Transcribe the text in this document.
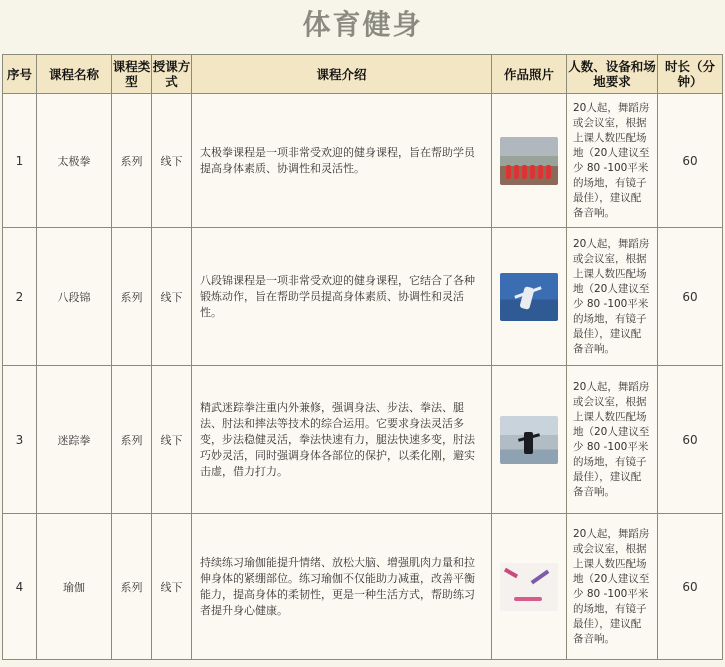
体育健身
序号	课程名称	课程类型	授课方式	课程介绍	作品照片	人数、设备和场地要求	时长（分钟）
1	太极拳	系列	线下	太极拳课程是一项非常受欢迎的健身课程，旨在帮助学员提高身体素质、协调性和灵活性。		20人起，舞蹈房或会议室，根据上课人数匹配场地（20人建议至少 80 -100平米的场地，有镜子最佳），建议配备音响。	60
2	八段锦	系列	线下	八段锦课程是一项非常受欢迎的健身课程，它结合了各种锻炼动作，旨在帮助学员提高身体素质、协调性和灵活性。		20人起，舞蹈房或会议室，根据上课人数匹配场地（20人建议至少 80 -100平米的场地，有镜子最佳），建议配备音响。	60
3	迷踪拳	系列	线下	精武迷踪拳注重内外兼修，强调身法、步法、拳法、腿法、肘法和摔法等技术的综合运用。它要求身法灵活多变，步法稳健灵活，拳法快速有力，腿法快速多变，肘法巧妙灵活，同时强调身体各部位的保护，以柔化刚，避实击虚，借力打力。		20人起，舞蹈房或会议室，根据上课人数匹配场地（20人建议至少 80 -100平米的场地，有镜子最佳），建议配备音响。	60
4	瑜伽	系列	线下	持续练习瑜伽能提升情绪、放松大脑、增强肌肉力量和拉伸身体的紧绷部位。练习瑜伽不仅能助力减重，改善平衡能力，提高身体的柔韧性，更是一种生活方式，帮助练习者提升身心健康。		20人起，舞蹈房或会议室，根据上课人数匹配场地（20人建议至少 80 -100平米的场地，有镜子最佳），建议配备音响。	60
